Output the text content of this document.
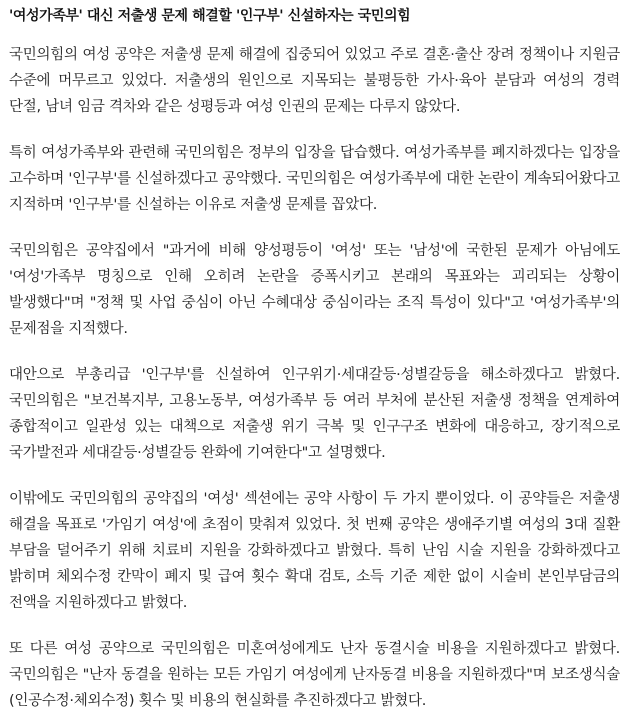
'여성가족부' 대신 저출생 문제 해결할 '인구부' 신설하자는 국민의힘

국민의힘의 여성 공약은 저출생 문제 해결에 집중되어 있었고 주로 결혼·출산 장려 정책이나 지원금 수준에 머무르고 있었다. 저출생의 원인으로 지목되는 불평등한 가사·육아 분담과 여성의 경력 단절, 남녀 임금 격차와 같은 성평등과 여성 인권의 문제는 다루지 않았다.

특히 여성가족부와 관련해 국민의힘은 정부의 입장을 답습했다. 여성가족부를 폐지하겠다는 입장을 고수하며 '인구부'를 신설하겠다고 공약했다. 국민의힘은 여성가족부에 대한 논란이 계속되어왔다고 지적하며 '인구부'를 신설하는 이유로 저출생 문제를 꼽았다.

국민의힘은 공약집에서 "과거에 비해 양성평등이 '여성' 또는 '남성'에 국한된 문제가 아님에도 '여성'가족부 명칭으로 인해 오히려 논란을 증폭시키고 본래의 목표와는 괴리되는 상황이 발생했다"며 "정책 및 사업 중심이 아닌 수혜대상 중심이라는 조직 특성이 있다"고 '여성가족부'의 문제점을 지적했다.

대안으로 부총리급 '인구부'를 신설하여 인구위기·세대갈등·성별갈등을 해소하겠다고 밝혔다. 국민의힘은 "보건복지부, 고용노동부, 여성가족부 등 여러 부처에 분산된 저출생 정책을 연계하여 종합적이고 일관성 있는 대책으로 저출생 위기 극복 및 인구구조 변화에 대응하고, 장기적으로 국가발전과 세대갈등·성별갈등 완화에 기여한다"고 설명했다.

이밖에도 국민의힘의 공약집의 '여성' 섹션에는 공약 사항이 두 가지 뿐이었다. 이 공약들은 저출생 해결을 목표로 '가임기 여성'에 초점이 맞춰져 있었다. 첫 번째 공약은 생애주기별 여성의 3대 질환 부담을 덜어주기 위해 치료비 지원을 강화하겠다고 밝혔다. 특히 난임 시술 지원을 강화하겠다고 밝히며 체외수정 칸막이 폐지 및 급여 횟수 확대 검토, 소득 기준 제한 없이 시술비 본인부담금의 전액을 지원하겠다고 밝혔다.

또 다른 여성 공약으로 국민의힘은 미혼여성에게도 난자 동결시술 비용을 지원하겠다고 밝혔다. 국민의힘은 "난자 동결을 원하는 모든 가임기 여성에게 난자동결 비용을 지원하겠다"며 보조생식술(인공수정·체외수정) 횟수 및 비용의 현실화를 추진하겠다고 밝혔다.
